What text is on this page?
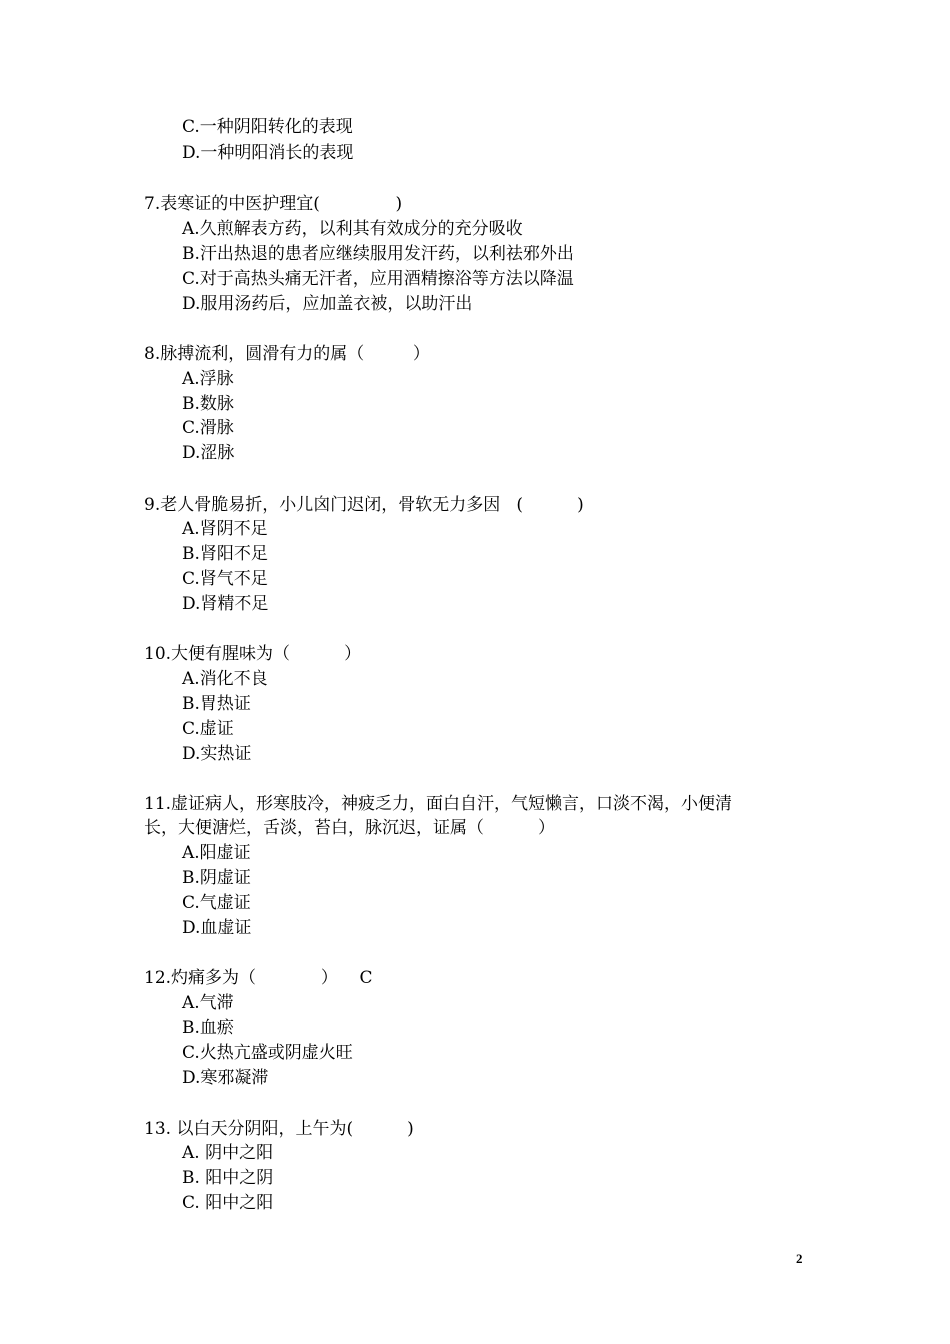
C.一种阴阳转化的表现
D.一种明阳消长的表现
7.表寒证的中医护理宜(              )
A.久煎解表方药，以利其有效成分的充分吸收
B.汗出热退的患者应继续服用发汗药，以利祛邪外出
C.对于高热头痛无汗者，应用酒精擦浴等方法以降温
D.服用汤药后，应加盖衣被，以助汗出
8.脉搏流利，圆滑有力的属（         ）
A.浮脉
B.数脉
C.滑脉
D.涩脉
9.老人骨脆易折，小儿囟门迟闭，骨软无力多因   (          )
A.肾阴不足
B.肾阳不足
C.肾气不足
D.肾精不足
10.大便有腥味为（          ）
A.消化不良
B.胃热证
C.虚证
D.实热证
11.虚证病人，形寒肢冷，神疲乏力，面白自汗，气短懒言，口淡不渴，小便清
长，大便溏烂，舌淡，苔白，脉沉迟，证属（          ）
A.阳虚证
B.阴虚证
C.气虚证
D.血虚证
12.灼痛多为（            ）    C
A.气滞
B.血瘀
C.火热亢盛或阴虚火旺
D.寒邪凝滞
13. 以白天分阴阳，上午为(          )
A. 阴中之阳
B. 阳中之阴
C. 阳中之阳
2
